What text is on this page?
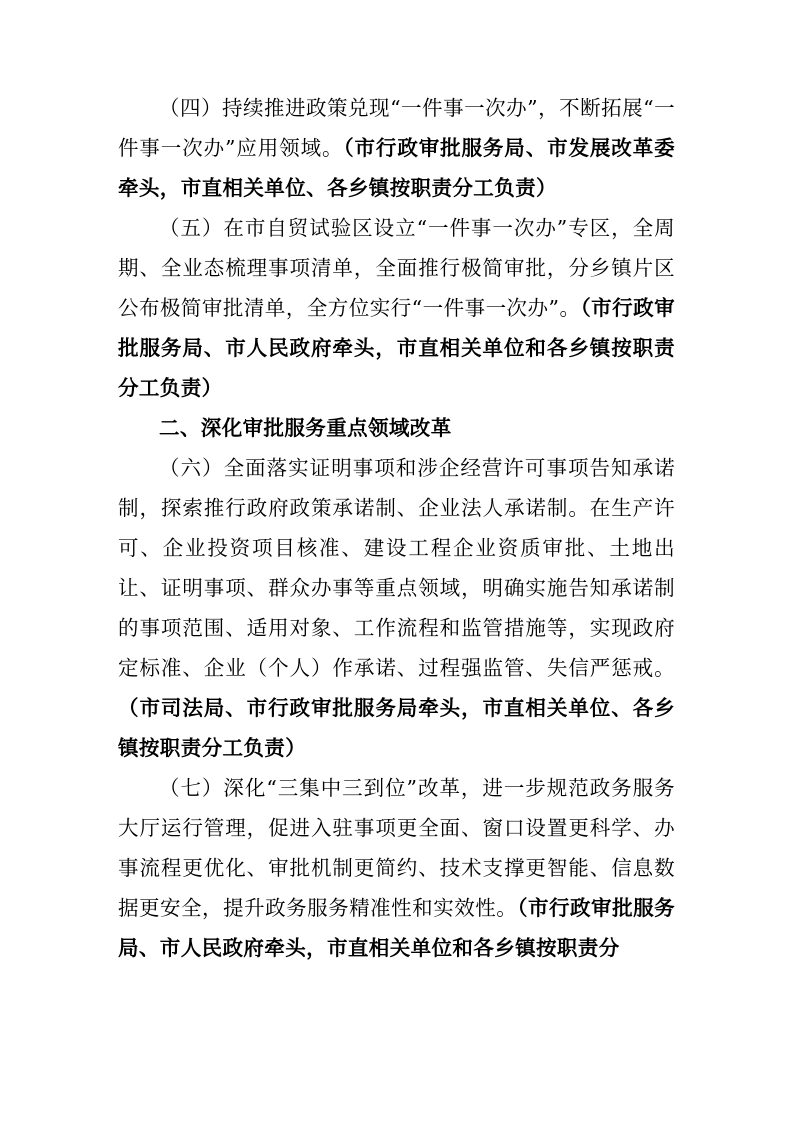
（四）持续推进政策兑现“一件事一次办”，不断拓展“一件事一次办”应用领域。（市行政审批服务局、市发展改革委牵头，市直相关单位、各乡镇按职责分工负责）

（五）在市自贸试验区设立“一件事一次办”专区，全周期、全业态梳理事项清单，全面推行极简审批，分乡镇片区公布极简审批清单，全方位实行“一件事一次办”。（市行政审批服务局、市人民政府牵头，市直相关单位和各乡镇按职责分工负责）

二、深化审批服务重点领域改革

（六）全面落实证明事项和涉企经营许可事项告知承诺制，探索推行政府政策承诺制、企业法人承诺制。在生产许可、企业投资项目核准、建设工程企业资质审批、土地出让、证明事项、群众办事等重点领域，明确实施告知承诺制的事项范围、适用对象、工作流程和监管措施等，实现政府定标准、企业（个人）作承诺、过程强监管、失信严惩戒。（市司法局、市行政审批服务局牵头，市直相关单位、各乡镇按职责分工负责）

（七）深化“三集中三到位”改革，进一步规范政务服务大厅运行管理，促进入驻事项更全面、窗口设置更科学、办事流程更优化、审批机制更简约、技术支撑更智能、信息数据更安全，提升政务服务精准性和实效性。（市行政审批服务局、市人民政府牵头，市直相关单位和各乡镇按职责分
